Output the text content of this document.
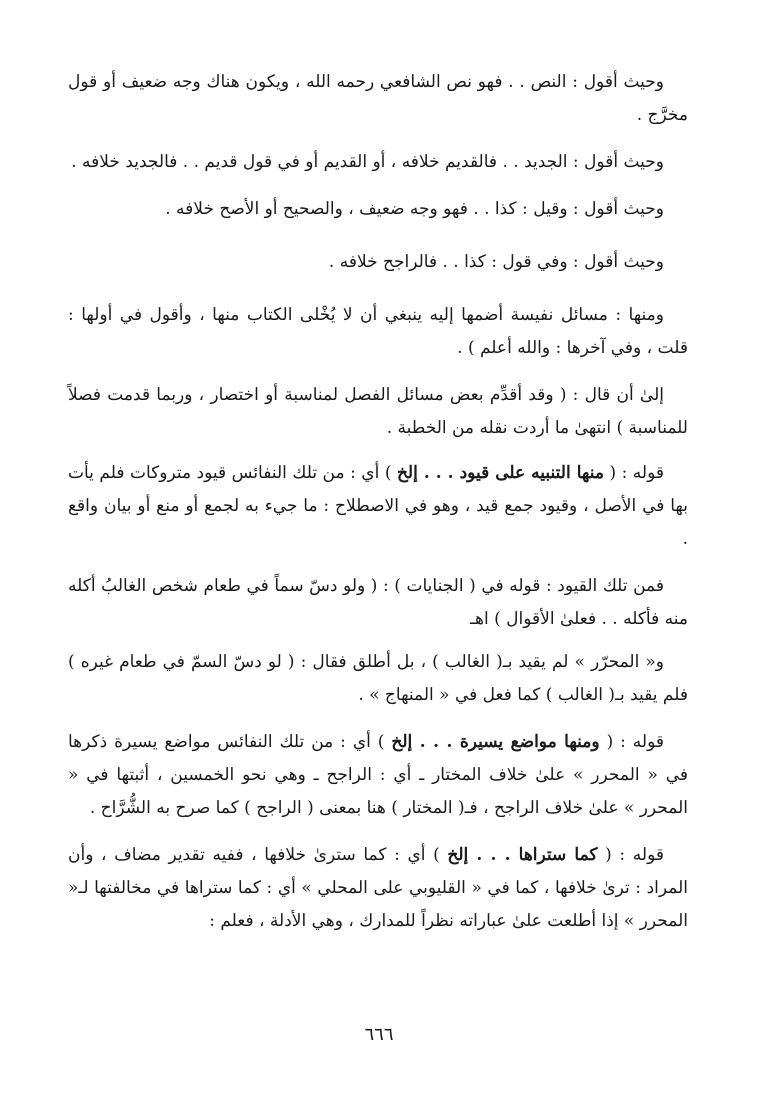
وحيث أقول : النص . . فهو نص الشافعي رحمه الله ، ويكون هناك وجه ضعيف أو قول مخرَّج .

وحيث أقول : الجديد . . فالقديم خلافه ، أو القديم أو في قول قديم . . فالجديد خلافه .

وحيث أقول : وقيل : كذا . . فهو وجه ضعيف ، والصحيح أو الأصح خلافه .

وحيث أقول : وفي قول : كذا . . فالراجح خلافه .

ومنها : مسائل نفيسة أضمها إليه ينبغي أن لا يُخْلى الكتاب منها ، وأقول في أولها : قلت ، وفي آخرها : والله أعلم ) .

إلىٰ أن قال : ( وقد أقدِّم بعض مسائل الفصل لمناسبة أو اختصار ، وربما قدمت فصلاً للمناسبة ) انتهىٰ ما أردت نقله من الخطبة .

قوله : ( منها التنبيه على قيود . . . إلخ ) أي : من تلك النفائس قيود متروكات فلم يأت بها في الأصل ، وقيود جمع قيد ، وهو في الاصطلاح : ما جيء به لجمع أو منع أو بيان واقع .

فمن تلك القيود : قوله في ( الجنايات ) : ( ولو دسّ سماً في طعام شخص الغالبُ أكله منه فأكله . . فعلىٰ الأقوال ) اهـ

و« المحرّر » لم يقيد بـ( الغالب ) ، بل أطلق فقال : ( لو دسّ السمّ في طعام غيره ) فلم يقيد بـ( الغالب ) كما فعل في « المنهاج » .

قوله : ( ومنها مواضع يسيرة . . . إلخ ) أي : من تلك النفائس مواضع يسيرة ذكرها في « المحرر » علىٰ خلاف المختار ـ أي : الراجح ـ وهي نحو الخمسين ، أثبتها في « المحرر » علىٰ خلاف الراجح ، فـ( المختار ) هنا بمعنى ( الراجح ) كما صرح به الشُّرَّاح .

قوله : ( كما ستراها . . . إلخ ) أي : كما سترىٰ خلافها ، ففيه تقدير مضاف ، وأن المراد : ترىٰ خلافها ، كما في « القليوبي على المحلي » أي : كما ستراها في مخالفتها لـ« المحرر » إذا أطلعت علىٰ عباراته نظراً للمدارك ، وهي الأدلة ، فعلم :

٦٦٦
